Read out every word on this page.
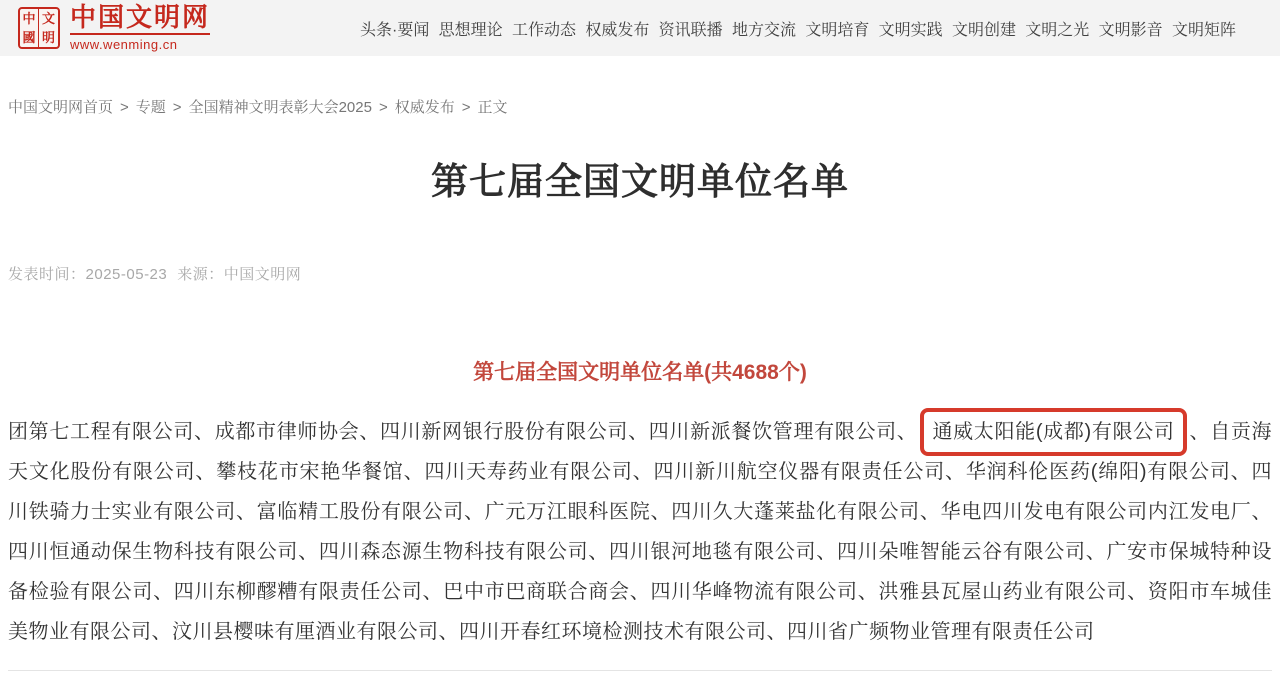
中 文
國 明
中国文明网
www.wenming.cn
头条·要闻 思想理论 工作动态 权威发布 资讯联播 地方交流 文明培育 文明实践 文明创建 文明之光 文明影音 文明矩阵
中国文明网首页 > 专题 > 全国精神文明表彰大会2025 > 权威发布 > 正文
第七届全国文明单位名单
发表时间：2025-05-23 来源：中国文明网
第七届全国文明单位名单(共4688个)

团第七工程有限公司、成都市律师协会、四川新网银行股份有限公司、四川新派餐饮管理有限公司、 通威太阳能(成都)有限公司 、自贡海天文化股份有限公司、攀枝花市宋艳华餐馆、四川天寿药业有限公司、四川新川航空仪器有限责任公司、华润科伦医药(绵阳)有限公司、四川铁骑力士实业有限公司、富临精工股份有限公司、广元万江眼科医院、四川久大蓬莱盐化有限公司、华电四川发电有限公司内江发电厂、四川恒通动保生物科技有限公司、四川森态源生物科技有限公司、四川银河地毯有限公司、四川朵唯智能云谷有限公司、广安市保城特种设备检验有限公司、四川东柳醪糟有限责任公司、巴中市巴商联合商会、四川华峰物流有限公司、洪雅县瓦屋山药业有限公司、资阳市车城佳美物业有限公司、汶川县樱味有厘酒业有限公司、四川开春红环境检测技术有限公司、四川省广频物业管理有限责任公司
